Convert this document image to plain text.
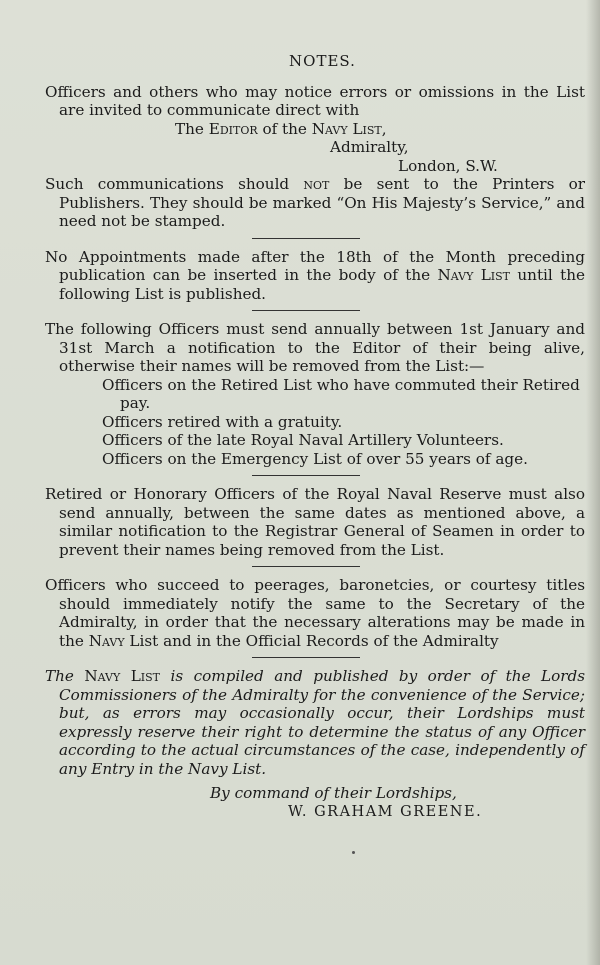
NOTES.

Officers and others who may notice errors or omissions in the List are invited to communicate direct with

The Editor of the Navy List,
Admiralty,
London, S.W.

Such communications should not be sent to the Printers or Publishers. They should be marked “On His Majesty’s Service,” and need not be stamped.

No Appointments made after the 18th of the Month preceding publication can be inserted in the body of the Navy List until the following List is published.

The following Officers must send annually between 1st January and 31st March a notification to the Editor of their being alive, otherwise their names will be removed from the List:—

Officers on the Retired List who have commuted their Retired pay.
Officers retired with a gratuity.
Officers of the late Royal Naval Artillery Volunteers.
Officers on the Emergency List of over 55 years of age.

Retired or Honorary Officers of the Royal Naval Reserve must also send annually, between the same dates as mentioned above, a similar notification to the Registrar General of Seamen in order to prevent their names being removed from the List.

Officers who succeed to peerages, baronetcies, or courtesy titles should immediately notify the same to the Secretary of the Admiralty, in order that the necessary alterations may be made in the Navy List and in the Official Records of the Admiralty

The Navy List is compiled and published by order of the Lords Commissioners of the Admiralty for the convenience of the Service; but, as errors may occasionally occur, their Lordships must expressly reserve their right to determine the status of any Officer according to the actual circumstances of the case, independently of any Entry in the Navy List.

By command of their Lordships,
W. GRAHAM GREENE.
